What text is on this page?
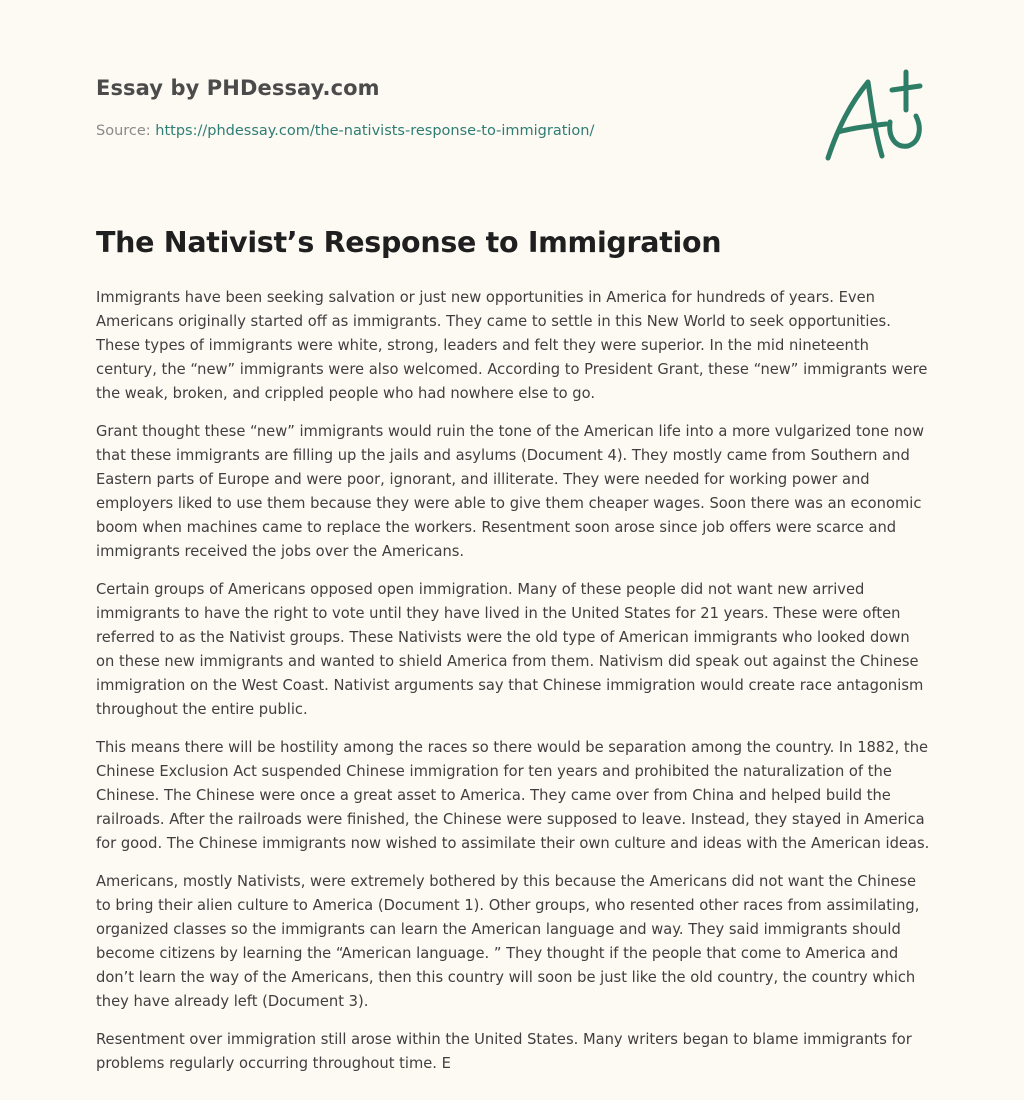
Essay by PHDessay.com
Source: https://phdessay.com/the-nativists-response-to-immigration/
The Nativist’s Response to Immigration

Immigrants have been seeking salvation or just new opportunities in America for hundreds of years. Even Americans originally started off as immigrants. They came to settle in this New World to seek opportunities. These types of immigrants were white, strong, leaders and felt they were superior. In the mid nineteenth century, the “new” immigrants were also welcomed. According to President Grant, these “new” immigrants were the weak, broken, and crippled people who had nowhere else to go.

Grant thought these “new” immigrants would ruin the tone of the American life into a more vulgarized tone now that these immigrants are filling up the jails and asylums (Document 4). They mostly came from Southern and Eastern parts of Europe and were poor, ignorant, and illiterate. They were needed for working power and employers liked to use them because they were able to give them cheaper wages. Soon there was an economic boom when machines came to replace the workers. Resentment soon arose since job offers were scarce and immigrants received the jobs over the Americans.

Certain groups of Americans opposed open immigration. Many of these people did not want new arrived immigrants to have the right to vote until they have lived in the United States for 21 years. These were often referred to as the Nativist groups. These Nativists were the old type of American immigrants who looked down on these new immigrants and wanted to shield America from them. Nativism did speak out against the Chinese immigration on the West Coast. Nativist arguments say that Chinese immigration would create race antagonism throughout the entire public.

This means there will be hostility among the races so there would be separation among the country. In 1882, the Chinese Exclusion Act suspended Chinese immigration for ten years and prohibited the naturalization of the Chinese. The Chinese were once a great asset to America. They came over from China and helped build the railroads. After the railroads were finished, the Chinese were supposed to leave. Instead, they stayed in America for good. The Chinese immigrants now wished to assimilate their own culture and ideas with the American ideas.

Americans, mostly Nativists, were extremely bothered by this because the Americans did not want the Chinese to bring their alien culture to America (Document 1). Other groups, who resented other races from assimilating, organized classes so the immigrants can learn the American language and way. They said immigrants should become citizens by learning the “American language. ” They thought if the people that come to America and don’t learn the way of the Americans, then this country will soon be just like the old country, the country which they have already left (Document 3).

Resentment over immigration still arose within the United States. Many writers began to blame immigrants for problems regularly occurring throughout time. E
